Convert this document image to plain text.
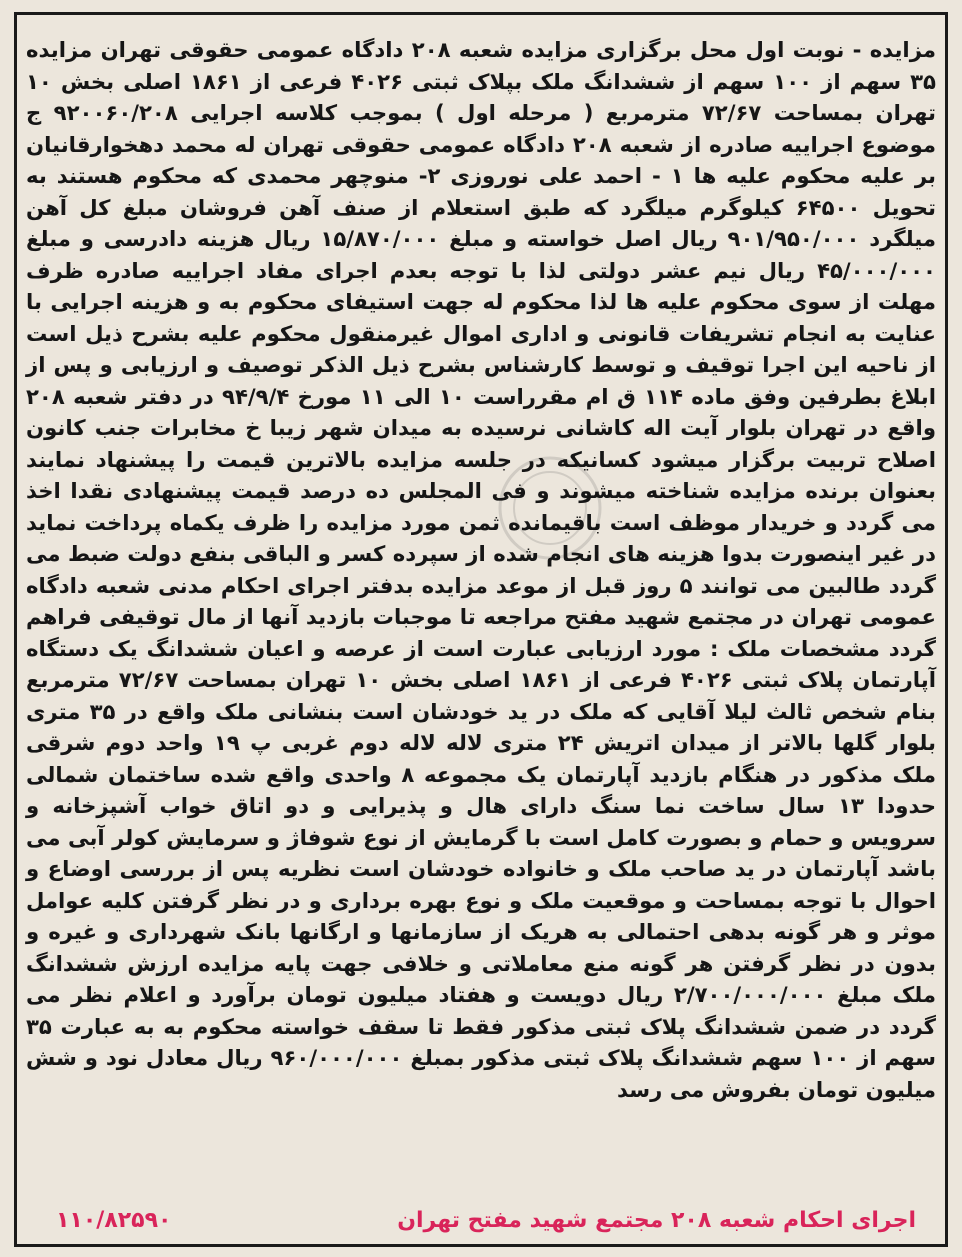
مزایده - نوبت اول محل برگزاری مزایده شعبه ۲۰۸ دادگاه عمومی حقوقی تهران مزایده ۳۵ سهم از ۱۰۰ سهم از ششدانگ ملک بپلاک ثبتی ۴۰۲۶ فرعی از ۱۸۶۱ اصلی بخش ۱۰ تهران بمساحت ۷۲/۶۷ مترمربع ( مرحله اول ) بموجب کلاسه اجرایی ۹۲۰۰۶۰/۲۰۸ ج موضوع اجراییه صادره از شعبه ۲۰۸ دادگاه عمومی حقوقی تهران له محمد دهخوارقانیان بر علیه محکوم علیه ها ۱ - احمد علی نوروزی ۲- منوچهر محمدی که محکوم هستند به تحویل ۶۴۵۰۰ کیلوگرم میلگرد که طبق استعلام از صنف آهن فروشان مبلغ کل آهن میلگرد ۹۰۱/۹۵۰/۰۰۰ ریال اصل خواسته و مبلغ ۱۵/۸۷۰/۰۰۰ ریال هزینه دادرسی و مبلغ ۴۵/۰۰۰/۰۰۰ ریال نیم عشر دولتی لذا با توجه بعدم اجرای مفاد اجراییه صادره ظرف مهلت از سوی محکوم علیه ها لذا محکوم له جهت استیفای محکوم به و هزینه اجرایی با عنایت به انجام تشریفات قانونی و اداری اموال غیرمنقول محکوم علیه بشرح ذیل است از ناحیه این اجرا توقیف و توسط کارشناس بشرح ذیل الذکر توصیف و ارزیابی و پس از ابلاغ بطرفین وفق ماده ۱۱۴ ق ام مقرراست ۱۰ الی ۱۱ مورخ ۹۴/۹/۴ در دفتر شعبه ۲۰۸ واقع در تهران بلوار آیت اله کاشانی نرسیده به میدان شهر زیبا خ مخابرات جنب کانون اصلاح تربیت برگزار میشود کسانیکه در جلسه مزایده بالاترین قیمت را پیشنهاد نمایند بعنوان برنده مزایده شناخته میشوند و فی المجلس ده درصد قیمت پیشنهادی نقدا اخذ می گردد و خریدار موظف است باقیمانده ثمن مورد مزایده را ظرف یکماه پرداخت نماید در غیر اینصورت بدوا هزینه های انجام شده از سپرده کسر و الباقی بنفع دولت ضبط می گردد طالبین می توانند ۵ روز قبل از موعد مزایده بدفتر اجرای احکام مدنی شعبه دادگاه عمومی تهران در مجتمع شهید مفتح مراجعه تا موجبات بازدید آنها از مال توقیفی فراهم گردد مشخصات ملک : مورد ارزیابی عبارت است از عرصه و اعیان ششدانگ یک دستگاه آپارتمان پلاک ثبتی ۴۰۲۶ فرعی از ۱۸۶۱ اصلی بخش ۱۰ تهران بمساحت ۷۲/۶۷ مترمربع بنام شخص ثالث لیلا آقایی که ملک در ید خودشان است بنشانی ملک واقع در ۳۵ متری بلوار گلها بالاتر از میدان اتریش ۲۴ متری لاله لاله دوم غربی پ ۱۹ واحد دوم شرقی ملک مذکور در هنگام بازدید آپارتمان یک مجموعه ۸ واحدی واقع شده ساختمان شمالی حدودا ۱۳ سال ساخت نما سنگ دارای هال و پذیرایی و دو اتاق خواب آشپزخانه و سرویس و حمام و بصورت کامل است با گرمایش از نوع شوفاژ و سرمایش کولر آبی می باشد آپارتمان در ید صاحب ملک و خانواده خودشان است نظریه پس از بررسی اوضاع و احوال با توجه بمساحت و موقعیت ملک و نوع بهره برداری و در نظر گرفتن کلیه عوامل موثر و هر گونه بدهی احتمالی به هریک از سازمانها و ارگانها بانک شهرداری و غیره و بدون در نظر گرفتن هر گونه منع معاملاتی و خلافی جهت پایه مزایده ارزش ششدانگ ملک مبلغ ۲/۷۰۰/۰۰۰/۰۰۰ ریال دویست و هفتاد میلیون تومان برآورد و اعلام نظر می گردد در ضمن ششدانگ پلاک ثبتی مذکور فقط تا سقف خواسته محکوم به به عبارت ۳۵ سهم از ۱۰۰ سهم ششدانگ پلاک ثبتی مذکور بمبلغ ۹۶۰/۰۰۰/۰۰۰ ریال معادل نود و شش میلیون تومان بفروش می رسد

اجرای احکام شعبه ۲۰۸ مجتمع شهید مفتح تهران
۱۱۰/۸۲۵۹۰
